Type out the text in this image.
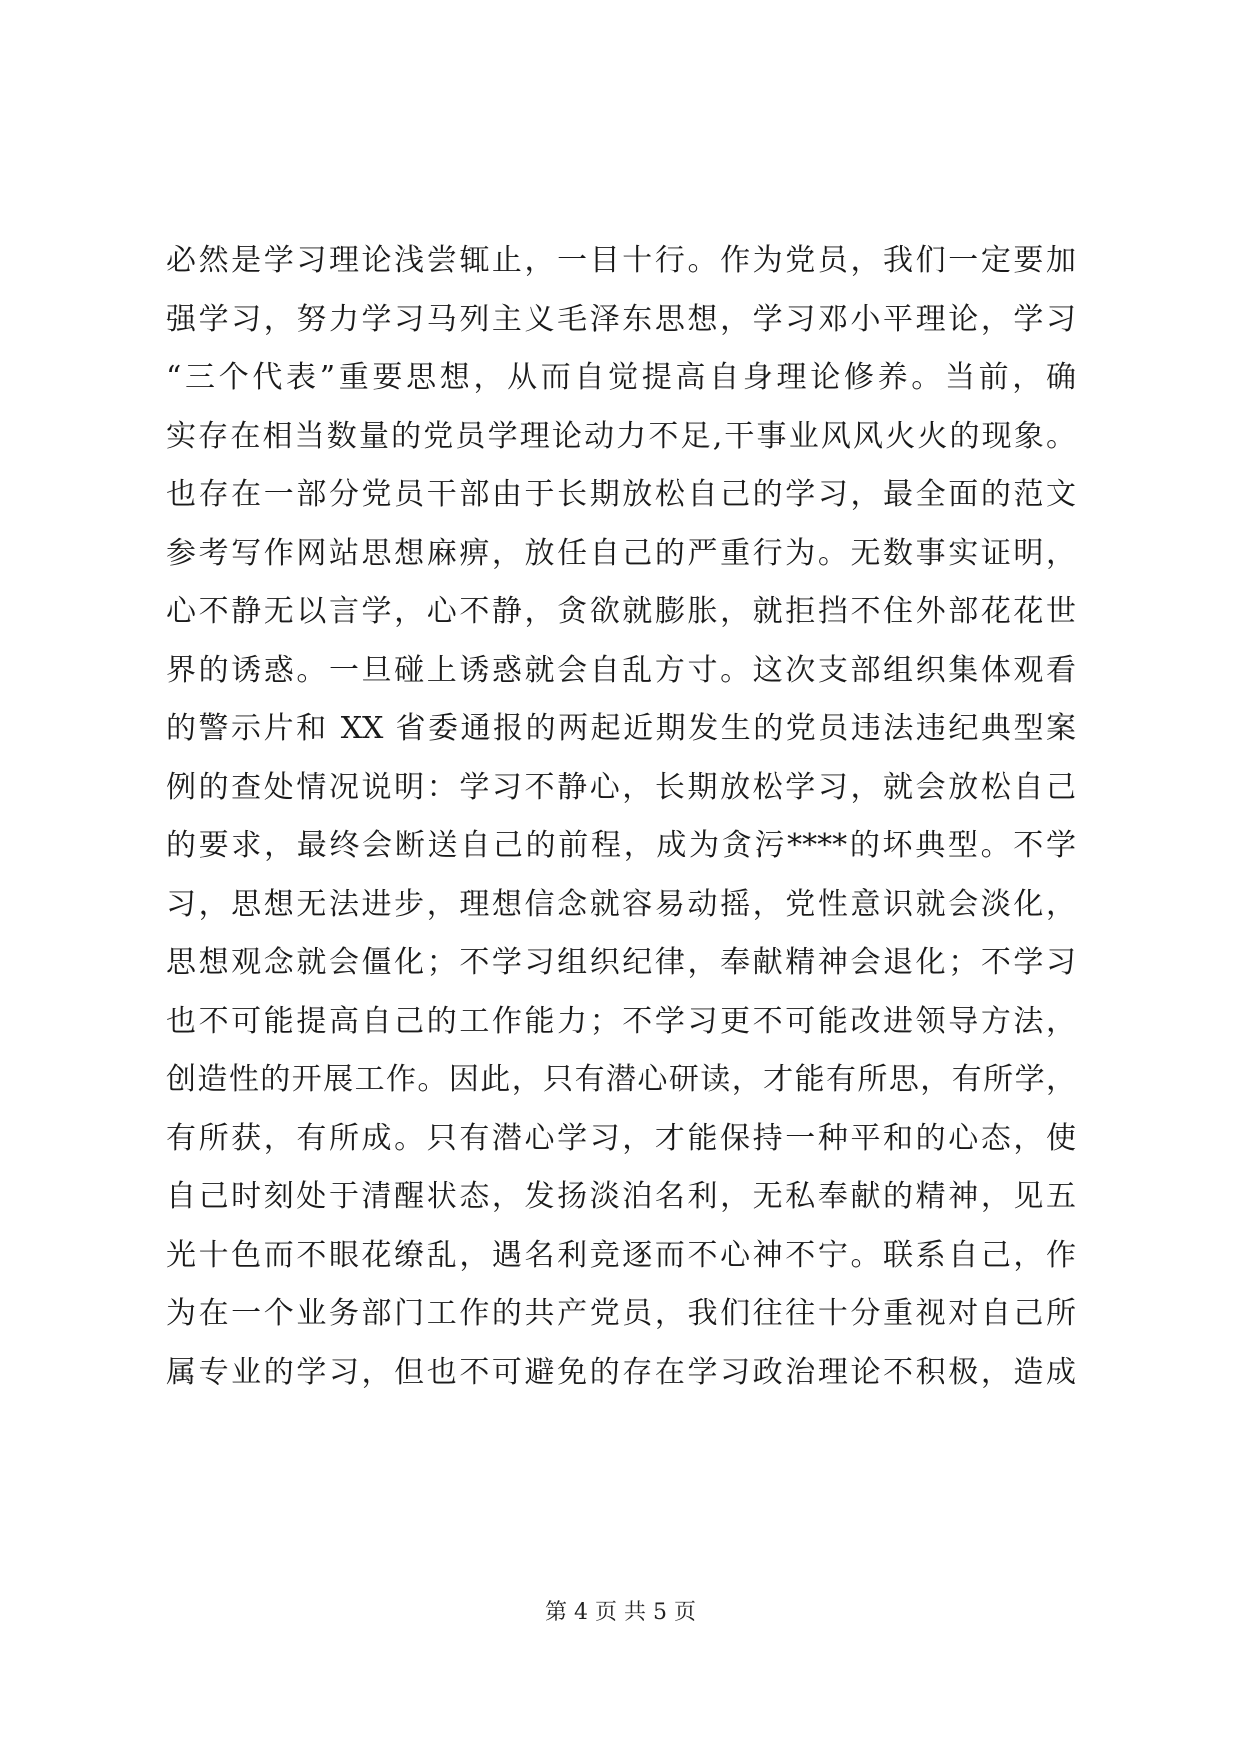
必然是学习理论浅尝辄止，一目十行。作为党员，我们一定要加
强学习，努力学习马列主义毛泽东思想，学习邓小平理论，学习
“三个代表”重要思想，从而自觉提高自身理论修养。当前，确
实存在相当数量的党员学理论动力不足,干事业风风火火的现象。
也存在一部分党员干部由于长期放松自己的学习，最全面的范文
参考写作网站思想麻痹，放任自己的严重行为。无数事实证明，
心不静无以言学，心不静，贪欲就膨胀，就拒挡不住外部花花世
界的诱惑。一旦碰上诱惑就会自乱方寸。这次支部组织集体观看
的警示片和 XX 省委通报的两起近期发生的党员违法违纪典型案
例的查处情况说明：学习不静心，长期放松学习，就会放松自己
的要求，最终会断送自己的前程，成为贪污****的坏典型。不学
习，思想无法进步，理想信念就容易动摇，党性意识就会淡化，
思想观念就会僵化；不学习组织纪律，奉献精神会退化；不学习
也不可能提高自己的工作能力；不学习更不可能改进领导方法，
创造性的开展工作。因此，只有潜心研读，才能有所思，有所学，
有所获，有所成。只有潜心学习，才能保持一种平和的心态，使
自己时刻处于清醒状态，发扬淡泊名利，无私奉献的精神，见五
光十色而不眼花缭乱，遇名利竞逐而不心神不宁。联系自己，作
为在一个业务部门工作的共产党员，我们往往十分重视对自己所
属专业的学习，但也不可避免的存在学习政治理论不积极，造成
第 4 页 共 5 页
